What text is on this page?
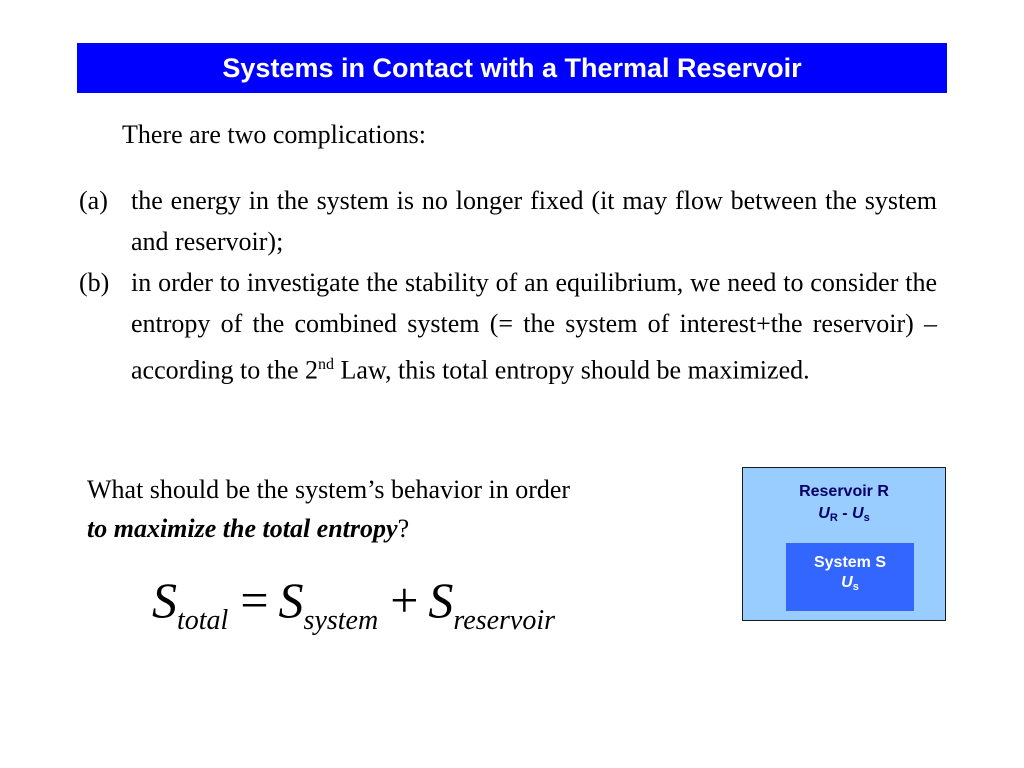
Systems in Contact with a Thermal Reservoir
There are two complications:
(a) the energy in the system is no longer fixed (it may flow between the system and reservoir);
(b) in order to investigate the stability of an equilibrium, we need to consider the entropy of the combined system (= the system of interest+the reservoir) – according to the 2nd Law, this total entropy should be maximized.
What should be the system’s behavior in order
to maximize the total entropy?
$S_{total} = S_{system} + S_{reservoir}$
Reservoir R
UR - Us
System S
Us
